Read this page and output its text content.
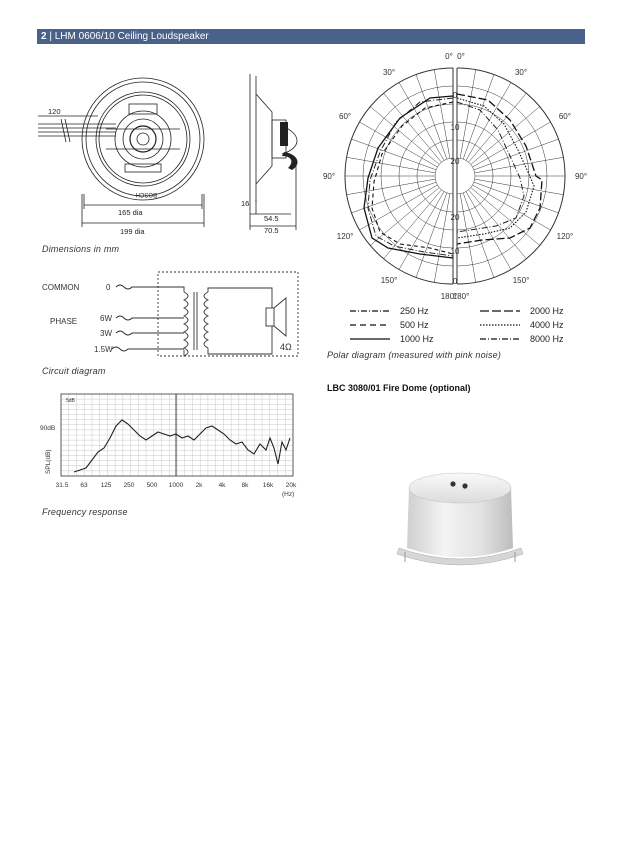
2 | LHM 0606/10 Ceiling Loudspeaker
120
165 dia
199 dia
16
54.5
70.5
BOSCH
Dimensions in mm
COMMON
PHASE
0
6W
3W
1.5W	4Ω
Circuit diagram
90dB
5dB
SPL(dB)
(Hz)
31.5 63 125 250 500 1000 2k 4k 8k 16k 20k
Frequency response
0°
30°
60°
90°
120°
150°
180°
0°
30°
60°
90°
120°
150°
180°
0
10
20
20
10
0
250 Hz
500 Hz
1000 Hz
2000 Hz
4000 Hz
8000 Hz
Polar diagram (measured with pink noise)
LBC 3080/01 Fire Dome (optional)
